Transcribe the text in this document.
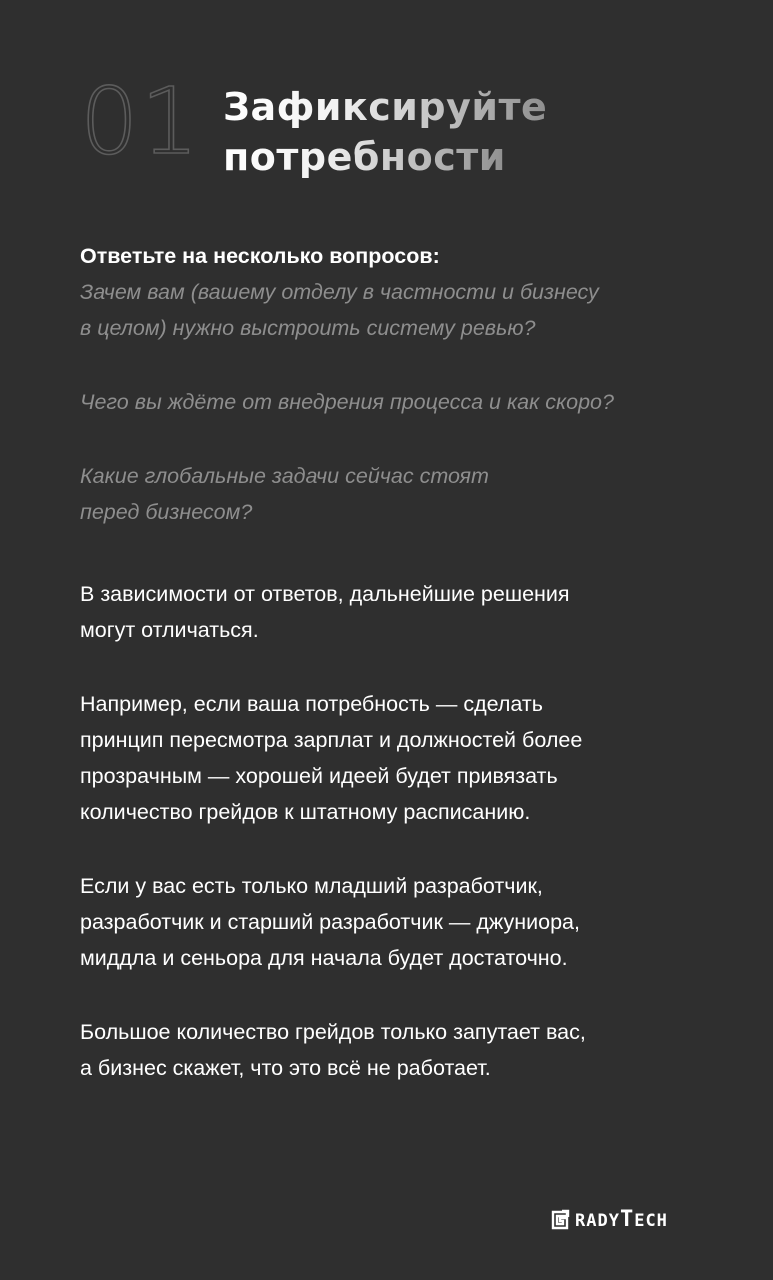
01 Зафиксируйте
потребности

Ответьте на несколько вопросов:

Зачем вам (вашему отделу в частности и бизнесу
в целом) нужно выстроить систему ревью?

Чего вы ждёте от внедрения процесса и как скоро?

Какие глобальные задачи сейчас стоят
перед бизнесом?

В зависимости от ответов, дальнейшие решения
могут отличаться.

Например, если ваша потребность — сделать
принцип пересмотра зарплат и должностей более
прозрачным — хорошей идеей будет привязать
количество грейдов к штатному расписанию.

Если у вас есть только младший разработчик,
разработчик и старший разработчик — джуниора,
миддла и сеньора для начала будет достаточно.

Большое количество грейдов только запутает вас,
а бизнес скажет, что это всё не работает.

RADYTECH
